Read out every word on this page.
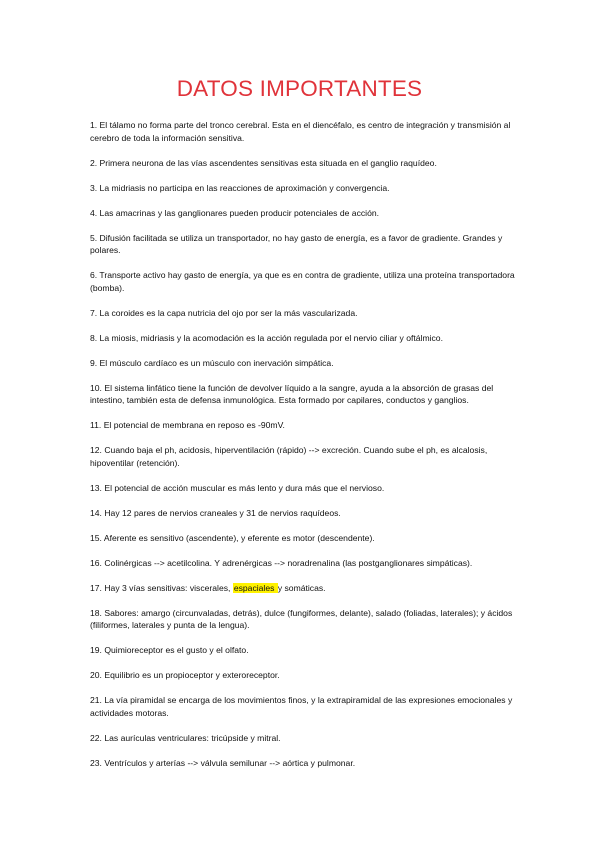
DATOS IMPORTANTES

1. El tálamo no forma parte del tronco cerebral. Esta en el diencéfalo, es centro de integración y transmisión al cerebro de toda la información sensitiva.

2. Primera neurona de las vías ascendentes sensitivas esta situada en el ganglio raquídeo.

3. La midriasis no participa en las reacciones de aproximación y convergencia.

4. Las amacrinas y las ganglionares pueden producir potenciales de acción.

5. Difusión facilitada se utiliza un transportador, no hay gasto de energía, es a favor de gradiente. Grandes y polares.

6. Transporte activo hay gasto de energía, ya que es en contra de gradiente, utiliza una proteína transportadora (bomba).

7. La coroides es la capa nutricia del ojo por ser la más vascularizada.

8. La miosis, midriasis y la acomodación es la acción regulada por el nervio ciliar y oftálmico.

9. El músculo cardíaco es un músculo con inervación simpática.

10. El sistema linfático tiene la función de devolver líquido a la sangre, ayuda a la absorción de grasas del intestino, también esta de defensa inmunológica. Esta formado por capilares, conductos y ganglios.

11. El potencial de membrana en reposo es -90mV.

12. Cuando baja el ph, acidosis, hiperventilación (rápido) --> excreción. Cuando sube el ph, es alcalosis, hipoventilar (retención).

13. El potencial de acción muscular es más lento y dura más que el nervioso.

14. Hay 12 pares de nervios craneales y 31 de nervios raquídeos.

15. Aferente es sensitivo (ascendente), y eferente es motor (descendente).

16. Colinérgicas --> acetilcolina. Y adrenérgicas --> noradrenalina (las postganglionares simpáticas).

17. Hay 3 vías sensitivas: viscerales, espaciales y somáticas.

18. Sabores: amargo (circunvaladas, detrás), dulce (fungiformes, delante), salado (foliadas, laterales); y ácidos (filiformes, laterales y punta de la lengua).

19. Quimioreceptor es el gusto y el olfato.

20. Equilibrio es un propioceptor y exteroreceptor.

21. La vía piramidal se encarga de los movimientos finos, y la extrapiramidal de las expresiones emocionales y actividades motoras.

22. Las aurículas ventriculares: tricúpside y mitral.

23. Ventrículos y arterías --> válvula semilunar --> aórtica y pulmonar.
